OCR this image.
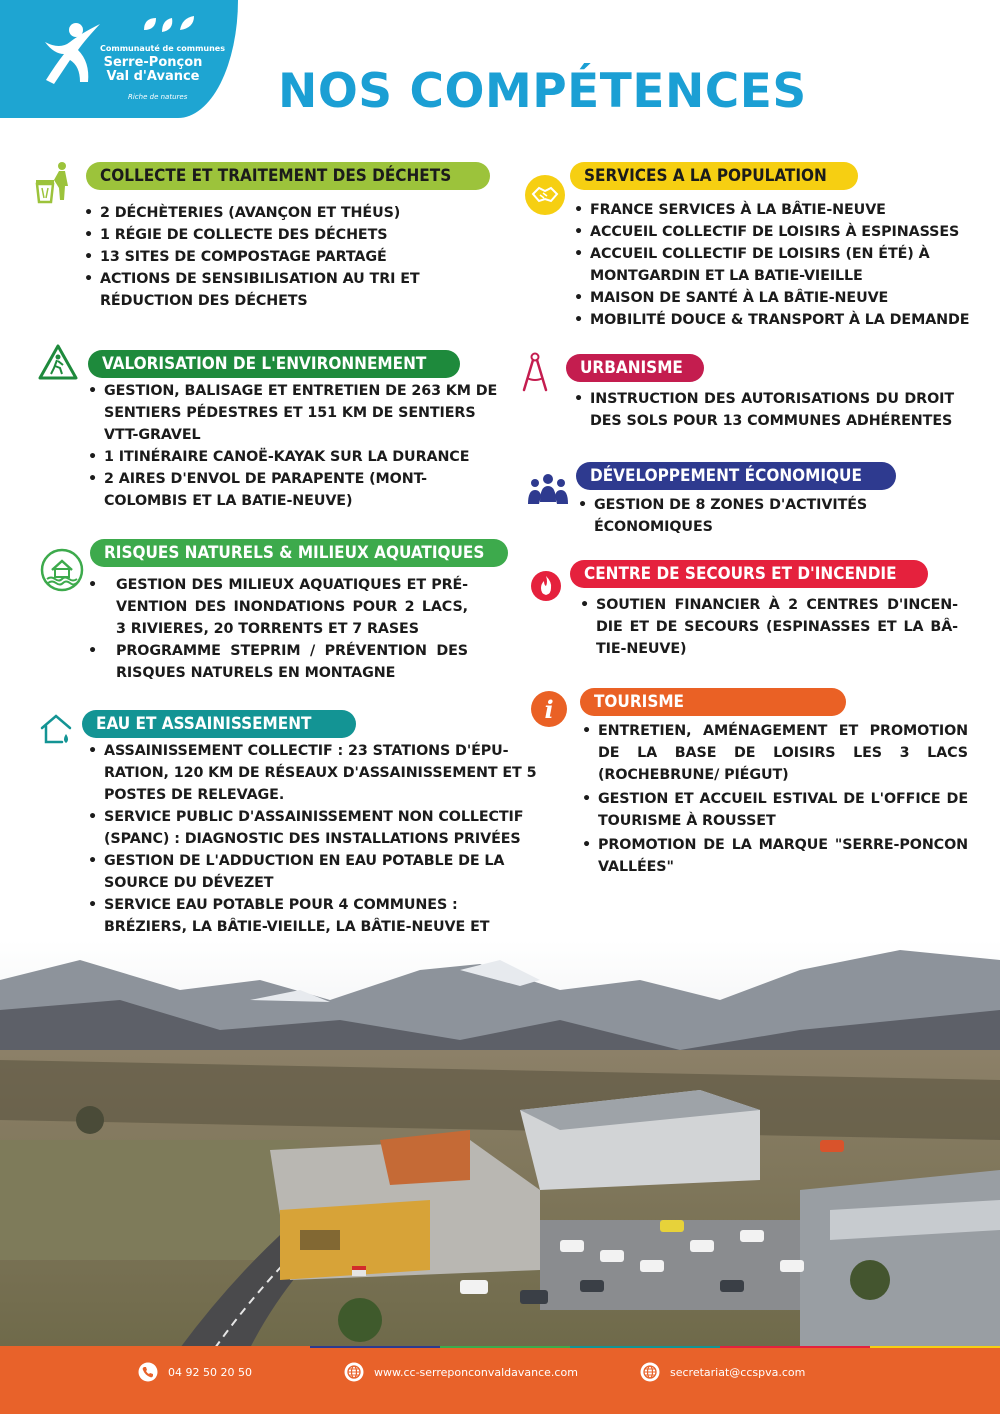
Communauté de communes
Serre-Ponçon
Val d'Avance
Riche de natures NOS COMPÉTENCES
COLLECTE ET TRAITEMENT DES DÉCHETS
• 2 DÉCHÈTERIES (AVANÇON ET THÉUS)
• 1 RÉGIE DE COLLECTE DES DÉCHETS
• 13 SITES DE COMPOSTAGE PARTAGÉ
• ACTIONS DE SENSIBILISATION AU TRI ET RÉDUCTION DES DÉCHETS
VALORISATION DE L'ENVIRONNEMENT
• GESTION, BALISAGE ET ENTRETIEN DE 263 KM DE SENTIERS PÉDESTRES ET 151 KM DE SENTIERS VTT-GRAVEL
• 1 ITINÉRAIRE CANOË-KAYAK SUR LA DURANCE
• 2 AIRES D'ENVOL DE PARAPENTE (MONT-COLOMBIS ET LA BATIE-NEUVE)
RISQUES NATURELS & MILIEUX AQUATIQUES
• GESTION DES MILIEUX AQUATIQUES ET PRÉ-VENTION DES INONDATIONS POUR 2 LACS, 3 RIVIERES, 20 TORRENTS ET 7 RASES
• PROGRAMME STEPRIM / PRÉVENTION DES RISQUES NATURELS EN MONTAGNE
EAU ET ASSAINISSEMENT
• ASSAINISSEMENT COLLECTIF : 23 STATIONS D'ÉPU-RATION, 120 KM DE RÉSEAUX D'ASSAINISSEMENT ET 5 POSTES DE RELEVAGE.
• SERVICE PUBLIC D'ASSAINISSEMENT NON COLLECTIF (SPANC) : DIAGNOSTIC DES INSTALLATIONS PRIVÉES
• GESTION DE L'ADDUCTION EN EAU POTABLE DE LA SOURCE DU DÉVEZET
• SERVICE EAU POTABLE POUR 4 COMMUNES : BRÉZIERS, LA BÂTIE-VIEILLE, LA BÂTIE-NEUVE ET
SERVICES A LA POPULATION
• FRANCE SERVICES À LA BÂTIE-NEUVE
• ACCUEIL COLLECTIF DE LOISIRS À ESPINASSES
• ACCUEIL COLLECTIF DE LOISIRS (EN ÉTÉ) À MONTGARDIN ET LA BATIE-VIEILLE
• MAISON DE SANTÉ À LA BÂTIE-NEUVE
• MOBILITÉ DOUCE & TRANSPORT À LA DEMANDE
URBANISME
• INSTRUCTION DES AUTORISATIONS DU DROIT DES SOLS POUR 13 COMMUNES ADHÉRENTES
DÉVELOPPEMENT ÉCONOMIQUE
• GESTION DE 8 ZONES D'ACTIVITÉS ÉCONOMIQUES
CENTRE DE SECOURS ET D'INCENDIE
• SOUTIEN FINANCIER À 2 CENTRES D'INCEN-DIE ET DE SECOURS (ESPINASSES ET LA BÂ-TIE-NEUVE)
i	TOURISME
• ENTRETIEN, AMÉNAGEMENT ET PROMOTION DE LA BASE DE LOISIRS LES 3 LACS (ROCHEBRUNE/ PIÉGUT)
• GESTION ET ACCUEIL ESTIVAL DE L'OFFICE DE TOURISME À ROUSSET
• PROMOTION DE LA MARQUE "SERRE-PONCON VALLÉES"
04 92 50 20 50	www.cc-serreponconvaldavance.com	secretariat@ccspva.com
